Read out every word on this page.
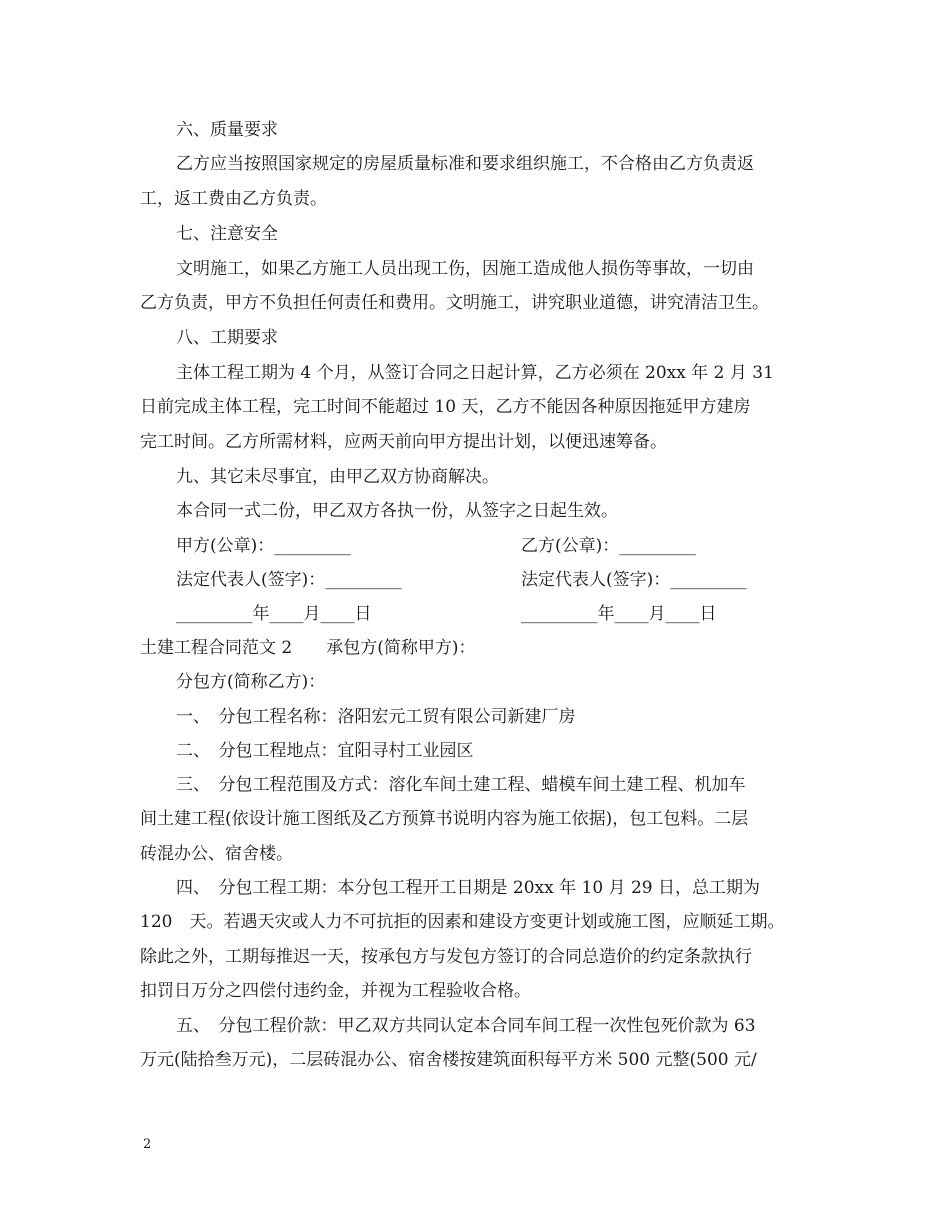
六、质量要求
乙方应当按照国家规定的房屋质量标准和要求组织施工，不合格由乙方负责返
工，返工费由乙方负责。
七、注意安全
文明施工，如果乙方施工人员出现工伤，因施工造成他人损伤等事故，一切由
乙方负责，甲方不负担任何责任和费用。文明施工，讲究职业道德，讲究清洁卫生。
八、工期要求
主体工程工期为 4 个月，从签订合同之日起计算，乙方必须在 20xx 年 2 月 31
日前完成主体工程，完工时间不能超过 10 天，乙方不能因各种原因拖延甲方建房
完工时间。乙方所需材料，应两天前向甲方提出计划，以便迅速筹备。
九、其它未尽事宜，由甲乙双方协商解决。
本合同一式二份，甲乙双方各执一份，从签字之日起生效。
甲方(公章)：_________	乙方(公章)：_________
法定代表人(签字)：_________	法定代表人(签字)：_________
_________年____月____日	_________年____月____日
土建工程合同范文 2　　承包方(简称甲方)：
分包方(简称乙方)：
一、　分包工程名称：洛阳宏元工贸有限公司新建厂房
二、　分包工程地点：宜阳寻村工业园区
三、　分包工程范围及方式：溶化车间土建工程、蜡模车间土建工程、机加车
间土建工程(依设计施工图纸及乙方预算书说明内容为施工依据)，包工包料。二层
砖混办公、宿舍楼。
四、　分包工程工期：本分包工程开工日期是 20xx 年 10 月 29 日，总工期为
120　天。若遇天灾或人力不可抗拒的因素和建设方变更计划或施工图，应顺延工期。
除此之外，工期每推迟一天，按承包方与发包方签订的合同总造价的约定条款执行
扣罚日万分之四偿付违约金，并视为工程验收合格。
五、　分包工程价款：甲乙双方共同认定本合同车间工程一次性包死价款为 63
万元(陆拾叁万元)，二层砖混办公、宿舍楼按建筑面积每平方米 500 元整(500 元/
2
